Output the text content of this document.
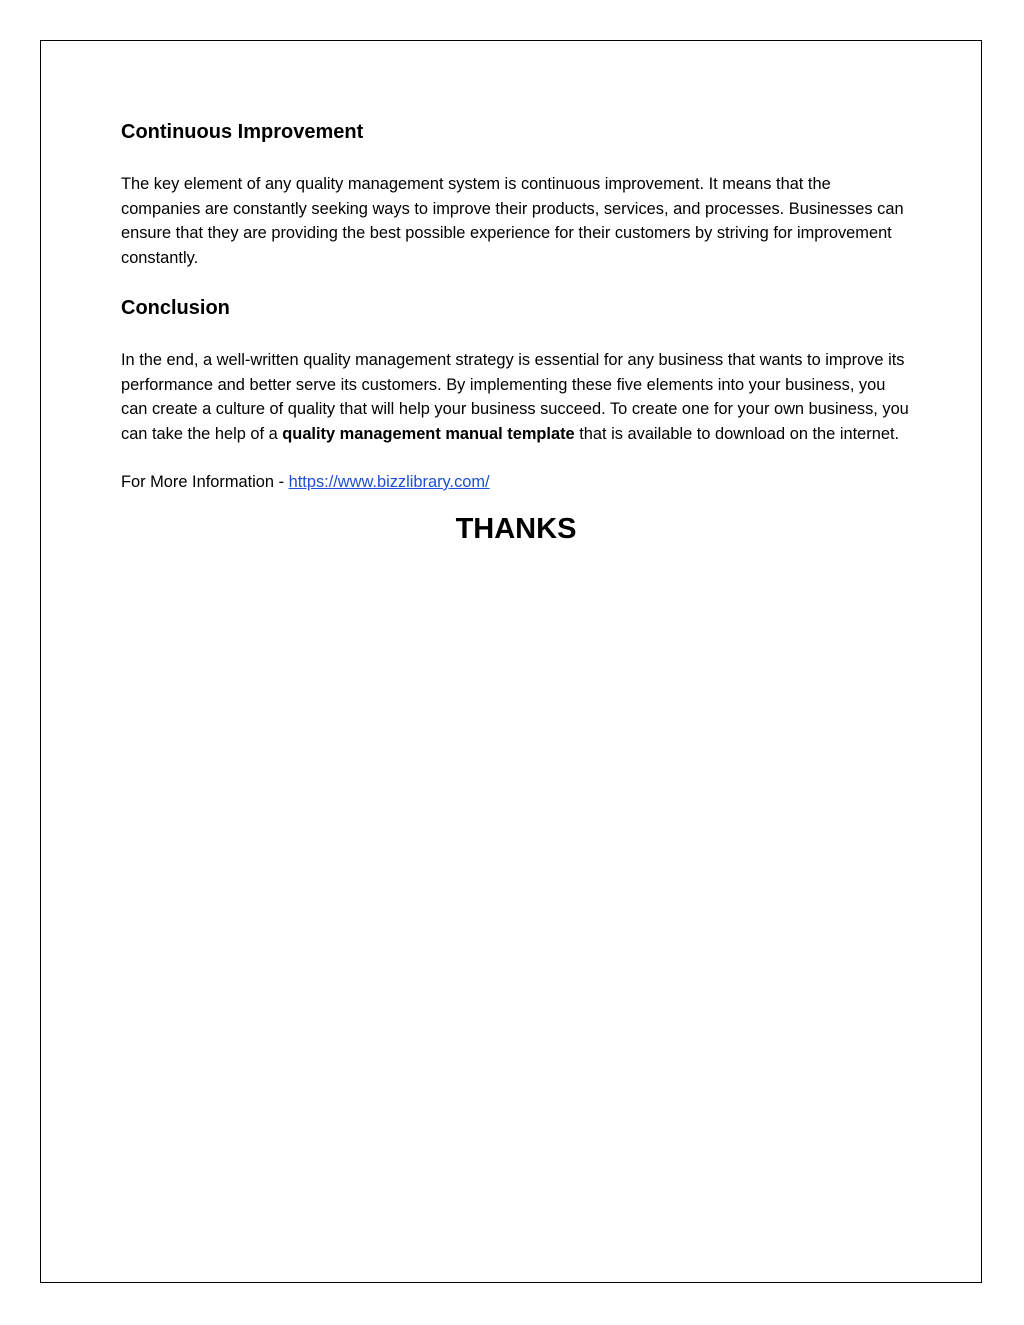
Continuous Improvement

The key element of any quality management system is continuous improvement. It means that the companies are constantly seeking ways to improve their products, services, and processes. Businesses can ensure that they are providing the best possible experience for their customers by striving for improvement constantly.

Conclusion

In the end, a well-written quality management strategy is essential for any business that wants to improve its performance and better serve its customers. By implementing these five elements into your business, you can create a culture of quality that will help your business succeed. To create one for your own business, you can take the help of a quality management manual template that is available to download on the internet.

For More Information - https://www.bizzlibrary.com/

THANKS
